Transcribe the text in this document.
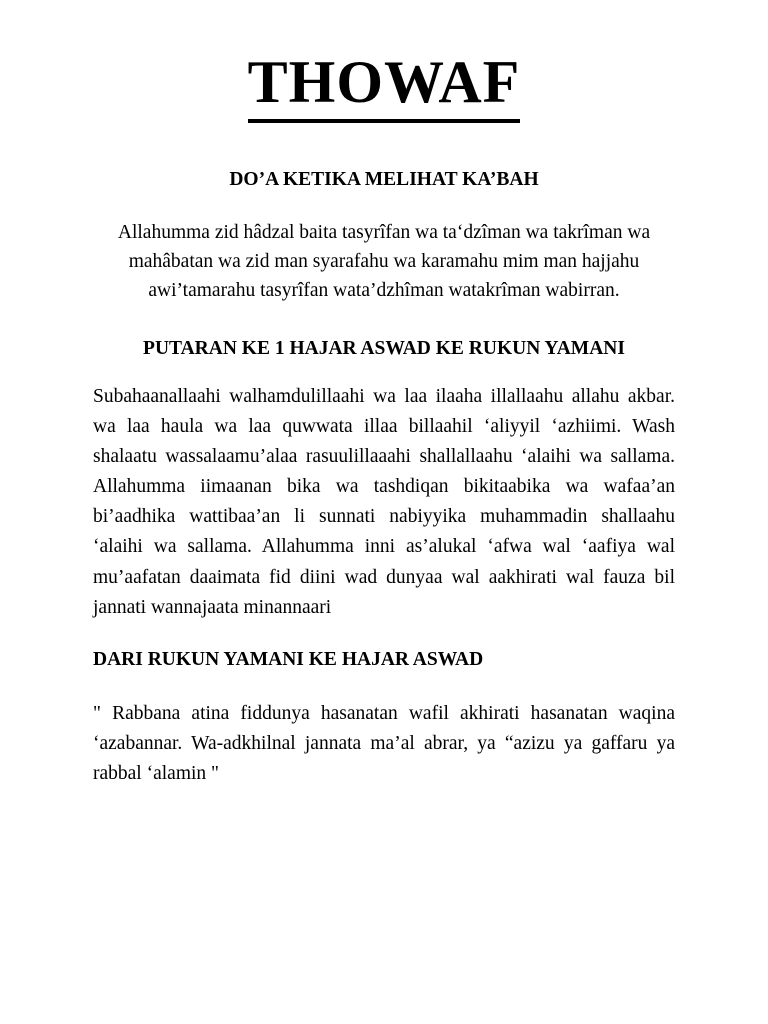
THOWAF
DO’A KETIKA MELIHAT KA’BAH
Allahumma zid hâdzal baita tasyrîfan wa ta‘dzîman wa takrîman wa mahâbatan wa zid man syarafahu wa karamahu mim man hajjahu awi’tamarahu tasyrîfan wata’dzhîman watakrîman wabirran.
PUTARAN KE 1 HAJAR ASWAD KE RUKUN YAMANI
Subahaanallaahi walhamdulillaahi wa laa ilaaha illallaahu allahu akbar. wa laa haula wa laa quwwata illaa billaahil ‘aliyyil ‘azhiimi. Wash shalaatu wassalaamu’alaa rasuulillaaahi shallallaahu ‘alaihi wa sallama. Allahumma iimaanan bika wa tashdiqan bikitaabika wa wafaa’an bi’aadhika wattibaa’an li sunnati nabiyyika muhammadin shallaahu ‘alaihi wa sallama. Allahumma inni as’alukal ‘afwa wal ‘aafiya wal mu’aafatan daaimata fid diini wad dunyaa wal aakhirati wal fauza bil jannati wannajaata minannaari
DARI RUKUN YAMANI KE HAJAR ASWAD
" Rabbana atina fiddunya hasanatan wafil akhirati hasanatan waqina ‘azabannar. Wa-adkhilnal jannata ma’al abrar, ya “azizu ya gaffaru ya rabbal ‘alamin "
